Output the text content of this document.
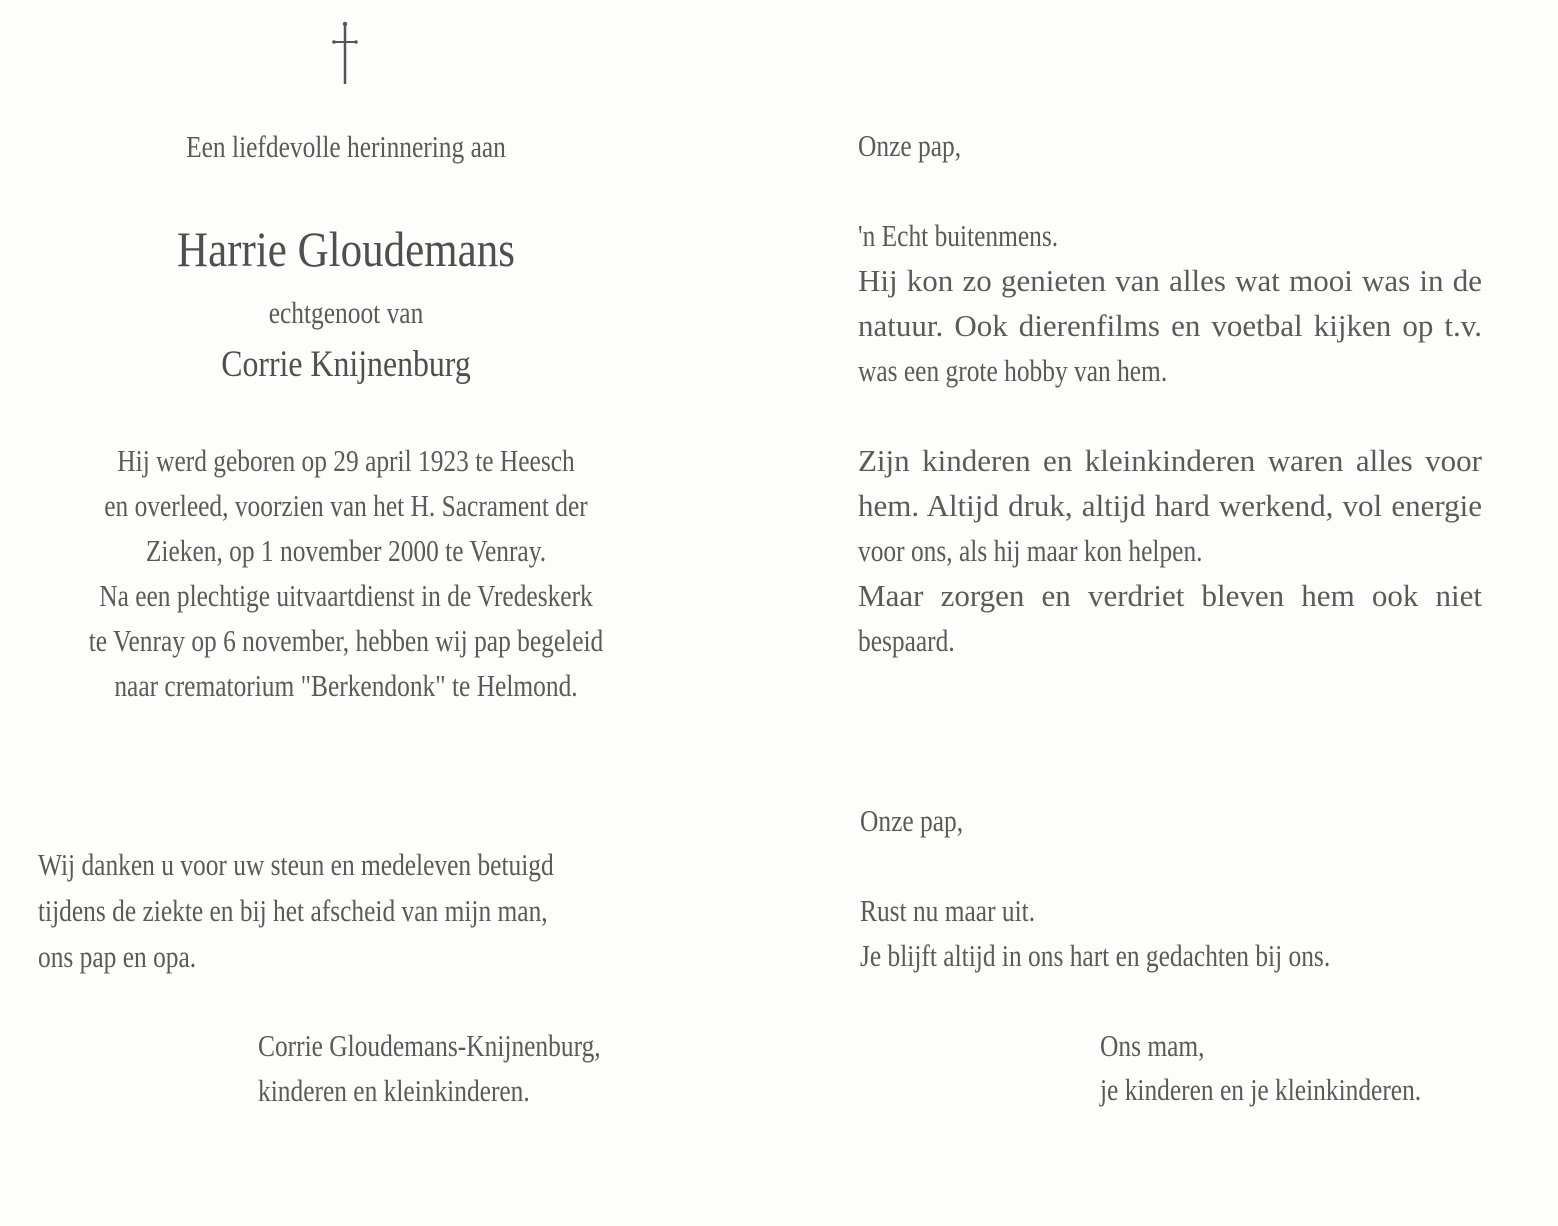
Een liefdevolle herinnering aan
Harrie Gloudemans
echtgenoot van
Corrie Knijnenburg
Hij werd geboren op 29 april 1923 te Heesch
en overleed, voorzien van het H. Sacrament der
Zieken, op 1 november 2000 te Venray.
Na een plechtige uitvaartdienst in de Vredeskerk
te Venray op 6 november, hebben wij pap begeleid
naar crematorium "Berkendonk" te Helmond.
Wij danken u voor uw steun en medeleven betuigd
tijdens de ziekte en bij het afscheid van mijn man,
ons pap en opa.
Corrie Gloudemans-Knijnenburg,
kinderen en kleinkinderen.
Onze pap,
'n Echt buitenmens.
Hij kon zo genieten van alles wat mooi was in de
natuur. Ook dierenfilms en voetbal kijken op t.v.
was een grote hobby van hem.
Zijn kinderen en kleinkinderen waren alles voor
hem. Altijd druk, altijd hard werkend, vol energie
voor ons, als hij maar kon helpen.
Maar zorgen en verdriet bleven hem ook niet
bespaard.
Onze pap,
Rust nu maar uit.
Je blijft altijd in ons hart en gedachten bij ons.
Ons mam,
je kinderen en je kleinkinderen.
